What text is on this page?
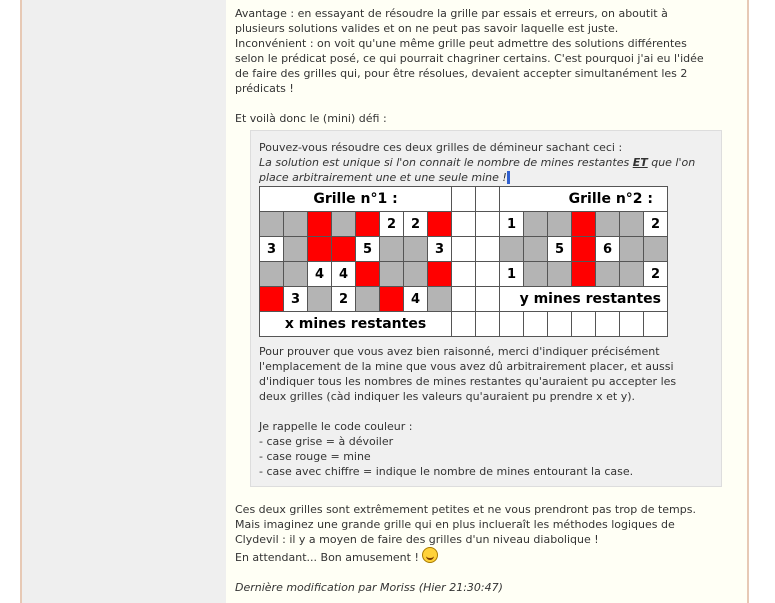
Avantage : en essayant de résoudre la grille par essais et erreurs, on aboutit à
plusieurs solutions valides et on ne peut pas savoir laquelle est juste.
Inconvénient : on voit qu'une même grille peut admettre des solutions différentes
selon le prédicat posé, ce qui pourrait chagriner certains. C'est pourquoi j'ai eu l'idée
de faire des grilles qui, pour être résolues, devaient accepter simultanément les 2
prédicats !
Et voilà donc le (mini) défi :
Pouvez-vous résoudre ces deux grilles de démineur sachant ceci :
La solution est unique si l'on connait le nombre de mines restantes ET que l'on
place arbitrairement une et une seule mine !
Grille n°1 :										Grille n°2 :						
					2	2				1						2
3				5			3					5		6		
		4	4							1						2
	3		2			4				y mines restantes						
x mines restantes																
Pour prouver que vous avez bien raisonné, merci d'indiquer précisément
l'emplacement de la mine que vous avez dû arbitrairement placer, et aussi
d'indiquer tous les nombres de mines restantes qu'auraient pu accepter les
deux grilles (càd indiquer les valeurs qu'auraient pu prendre x et y).
Je rappelle le code couleur :
- case grise = à dévoiler
- case rouge = mine
- case avec chiffre = indique le nombre de mines entourant la case.
Ces deux grilles sont extrêmement petites et ne vous prendront pas trop de temps.
Mais imaginez une grande grille qui en plus inclueraît les méthodes logiques de
Clydevil : il y a moyen de faire des grilles d'un niveau diabolique !
En attendant... Bon amusement !
Dernière modification par Moriss (Hier 21:30:47)
